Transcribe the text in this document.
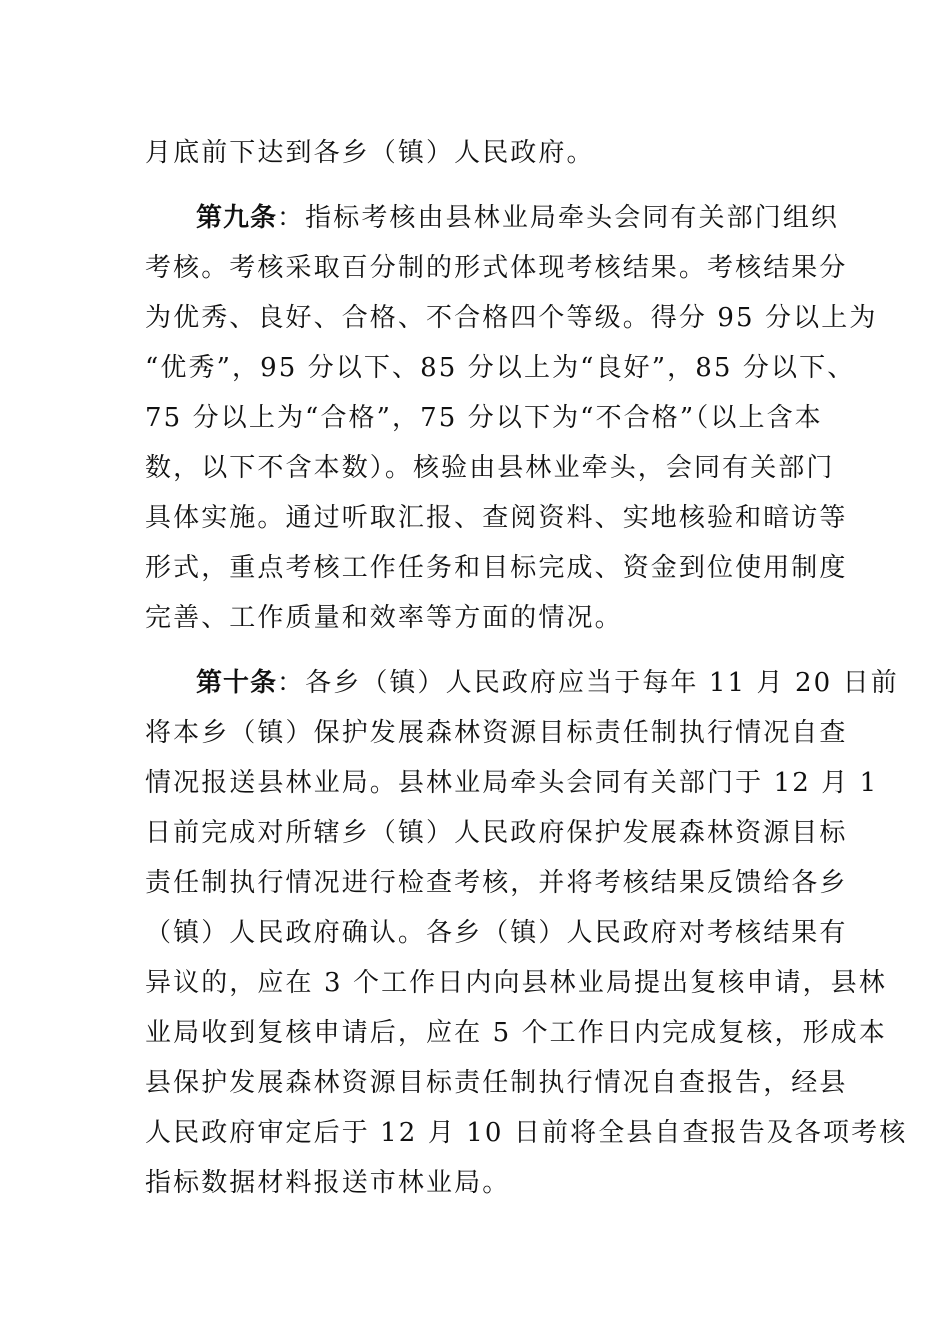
月底前下达到各乡（镇）人民政府。
第九条：指标考核由县林业局牵头会同有关部门组织
考核。考核采取百分制的形式体现考核结果。考核结果分
为优秀、良好、合格、不合格四个等级。得分 95 分以上为
“优秀”，95 分以下、85 分以上为“良好”，85 分以下、
75 分以上为“合格”，75 分以下为“不合格”（以上含本
数，以下不含本数）。核验由县林业牵头，会同有关部门
具体实施。通过听取汇报、查阅资料、实地核验和暗访等
形式，重点考核工作任务和目标完成、资金到位使用制度
完善、工作质量和效率等方面的情况。
第十条：各乡（镇）人民政府应当于每年 11 月 20 日前
将本乡（镇）保护发展森林资源目标责任制执行情况自查
情况报送县林业局。县林业局牵头会同有关部门于 12 月 1
日前完成对所辖乡（镇）人民政府保护发展森林资源目标
责任制执行情况进行检查考核，并将考核结果反馈给各乡
（镇）人民政府确认。各乡（镇）人民政府对考核结果有
异议的，应在 3 个工作日内向县林业局提出复核申请，县林
业局收到复核申请后，应在 5 个工作日内完成复核，形成本
县保护发展森林资源目标责任制执行情况自查报告，经县
人民政府审定后于 12 月 10 日前将全县自查报告及各项考核
指标数据材料报送市林业局。
